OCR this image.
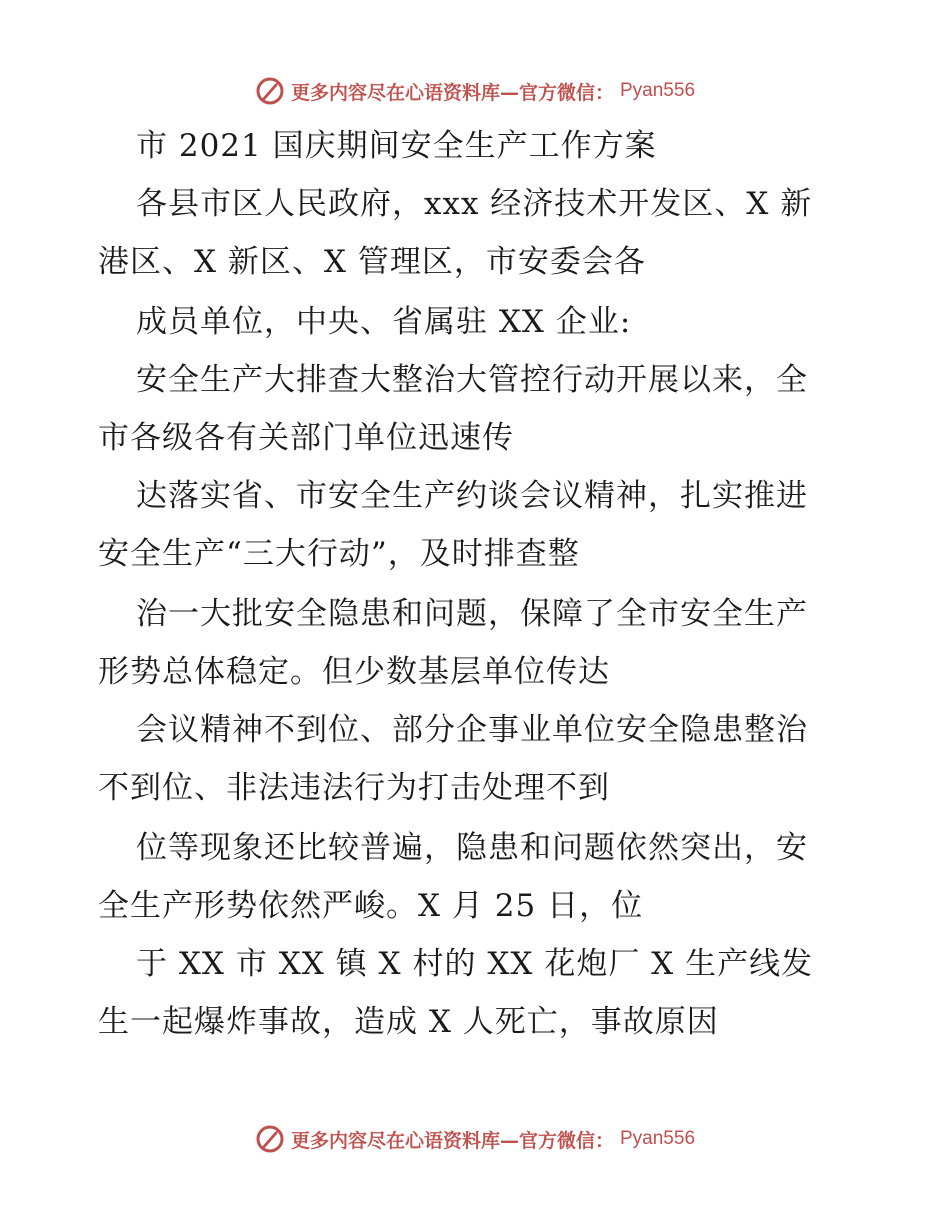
更多内容尽在心语资料库—官方微信： Pyan556
市 2021 国庆期间安全生产工作方案
各县市区人民政府，xxx 经济技术开发区、X 新
港区、X 新区、X 管理区，市安委会各
成员单位，中央、省属驻 XX 企业:
安全生产大排查大整治大管控行动开展以来，全
市各级各有关部门单位迅速传
达落实省、市安全生产约谈会议精神，扎实推进
安全生产“三大行动”，及时排查整
治一大批安全隐患和问题，保障了全市安全生产
形势总体稳定。但少数基层单位传达
会议精神不到位、部分企事业单位安全隐患整治
不到位、非法违法行为打击处理不到
位等现象还比较普遍，隐患和问题依然突出，安
全生产形势依然严峻。X 月 25 日，位
于 XX 市 XX 镇 X 村的 XX 花炮厂 X 生产线发
生一起爆炸事故，造成 X 人死亡，事故原因
更多内容尽在心语资料库—官方微信： Pyan556
